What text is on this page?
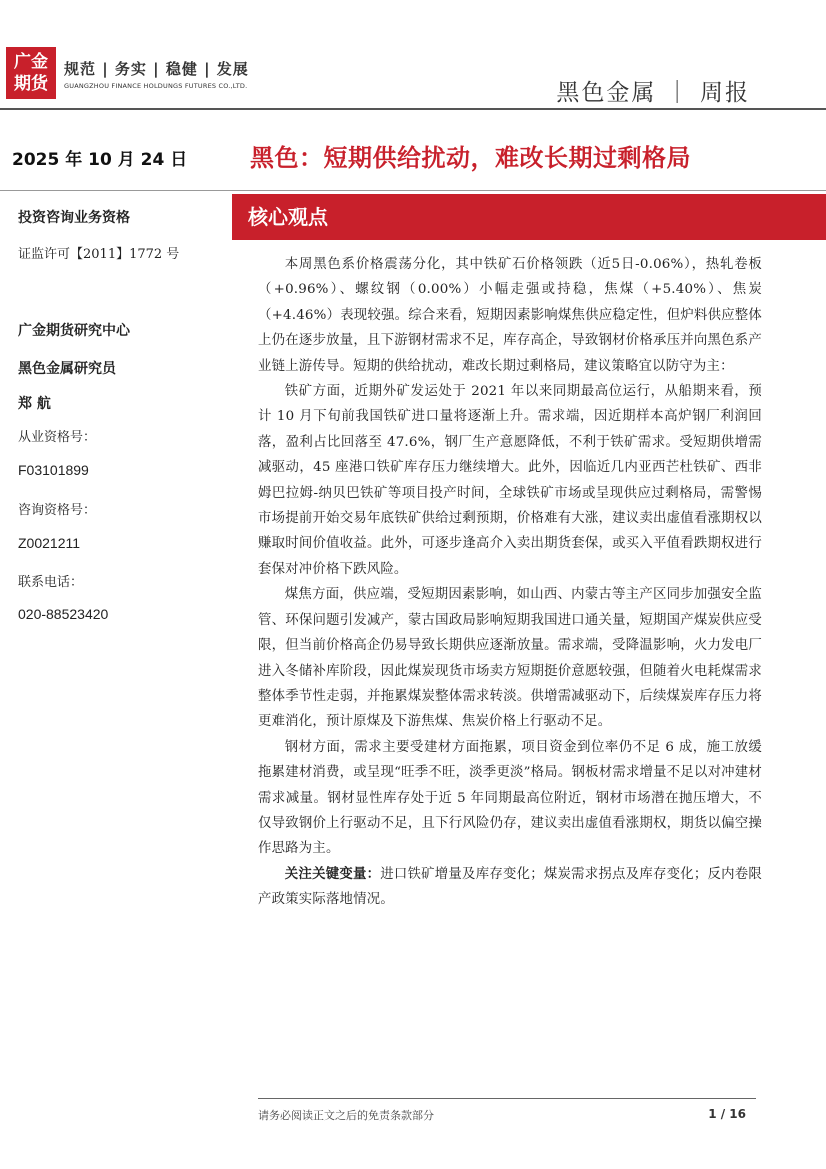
广金
期货
规范 | 务实 | 稳健 | 发展
GUANGZHOU FINANCE HOLDUNGS FUTURES CO.,LTD.	黑色金属 ｜ 周报
2025 年 10 月 24 日	黑色：短期供给扰动，难改长期过剩格局
核心观点
投资咨询业务资格
证监许可【2011】1772 号
广金期货研究中心
黑色金属研究员
郑 航
从业资格号：
F03101899
咨询资格号：
Z0021211
联系电话：
020-88523420

本周黑色系价格震荡分化，其中铁矿石价格领跌（近5日-0.06%），热轧卷板（+0.96%）、螺纹钢（0.00%）小幅走强或持稳，焦煤（+5.40%）、焦炭（+4.46%）表现较强。综合来看，短期因素影响煤焦供应稳定性，但炉料供应整体上仍在逐步放量，且下游钢材需求不足，库存高企，导致钢材价格承压并向黑色系产业链上游传导。短期的供给扰动，难改长期过剩格局，建议策略宜以防守为主：

铁矿方面，近期外矿发运处于 2021 年以来同期最高位运行，从船期来看，预计 10 月下旬前我国铁矿进口量将逐渐上升。需求端，因近期样本高炉钢厂利润回落，盈利占比回落至 47.6%，钢厂生产意愿降低，不利于铁矿需求。受短期供增需减驱动，45 座港口铁矿库存压力继续增大。此外，因临近几内亚西芒杜铁矿、西非姆巴拉姆-纳贝巴铁矿等项目投产时间，全球铁矿市场或呈现供应过剩格局，需警惕市场提前开始交易年底铁矿供给过剩预期，价格难有大涨，建议卖出虚值看涨期权以赚取时间价值收益。此外，可逐步逢高介入卖出期货套保，或买入平值看跌期权进行套保对冲价格下跌风险。

煤焦方面，供应端，受短期因素影响，如山西、内蒙古等主产区同步加强安全监管、环保问题引发减产，蒙古国政局影响短期我国进口通关量，短期国产煤炭供应受限，但当前价格高企仍易导致长期供应逐渐放量。需求端，受降温影响，火力发电厂进入冬储补库阶段，因此煤炭现货市场卖方短期挺价意愿较强，但随着火电耗煤需求整体季节性走弱，并拖累煤炭整体需求转淡。供增需减驱动下，后续煤炭库存压力将更难消化，预计原煤及下游焦煤、焦炭价格上行驱动不足。

钢材方面，需求主要受建材方面拖累，项目资金到位率仍不足 6 成，施工放缓拖累建材消费，或呈现“旺季不旺，淡季更淡”格局。钢板材需求增量不足以对冲建材需求减量。钢材显性库存处于近 5 年同期最高位附近，钢材市场潜在抛压增大，不仅导致钢价上行驱动不足，且下行风险仍存，建议卖出虚值看涨期权，期货以偏空操作思路为主。

关注关键变量：进口铁矿增量及库存变化；煤炭需求拐点及库存变化；反内卷限产政策实际落地情况。

请务必阅读正文之后的免责条款部分	1 / 16
